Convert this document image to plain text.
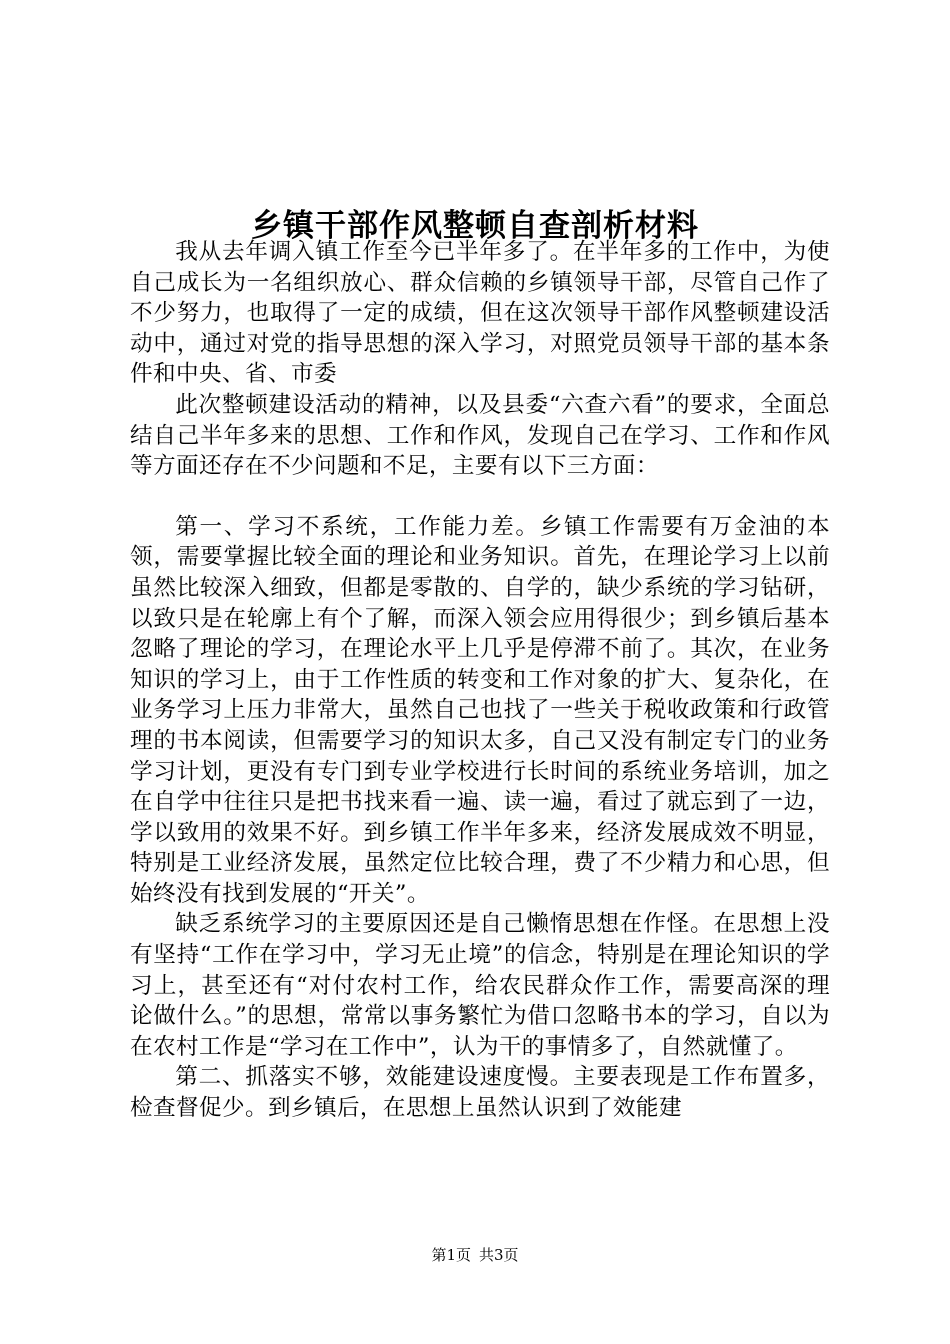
乡镇干部作风整顿自查剖析材料

我从去年调入镇工作至今已半年多了。在半年多的工作中，为使自己成长为一名组织放心、群众信赖的乡镇领导干部，尽管自己作了不少努力，也取得了一定的成绩，但在这次领导干部作风整顿建设活动中，通过对党的指导思想的深入学习，对照党员领导干部的基本条件和中央、省、市委

此次整顿建设活动的精神，以及县委“六查六看”的要求，全面总结自己半年多来的思想、工作和作风，发现自己在学习、工作和作风等方面还存在不少问题和不足，主要有以下三方面：

第一、学习不系统，工作能力差。乡镇工作需要有万金油的本领，需要掌握比较全面的理论和业务知识。首先，在理论学习上以前虽然比较深入细致，但都是零散的、自学的，缺少系统的学习钻研，以致只是在轮廓上有个了解，而深入领会应用得很少；到乡镇后基本忽略了理论的学习，在理论水平上几乎是停滞不前了。其次，在业务知识的学习上，由于工作性质的转变和工作对象的扩大、复杂化，在业务学习上压力非常大，虽然自己也找了一些关于税收政策和行政管理的书本阅读，但需要学习的知识太多，自己又没有制定专门的业务学习计划，更没有专门到专业学校进行长时间的系统业务培训，加之在自学中往往只是把书找来看一遍、读一遍，看过了就忘到了一边，学以致用的效果不好。到乡镇工作半年多来，经济发展成效不明显，特别是工业经济发展，虽然定位比较合理，费了不少精力和心思，但始终没有找到发展的“开关”。

缺乏系统学习的主要原因还是自己懒惰思想在作怪。在思想上没有坚持“工作在学习中，学习无止境”的信念，特别是在理论知识的学习上，甚至还有“对付农村工作，给农民群众作工作，需要高深的理论做什么。”的思想，常常以事务繁忙为借口忽略书本的学习，自以为在农村工作是“学习在工作中”，认为干的事情多了，自然就懂了。

第二、抓落实不够，效能建设速度慢。主要表现是工作布置多，检查督促少。到乡镇后，在思想上虽然认识到了效能建

第1页 共3页
